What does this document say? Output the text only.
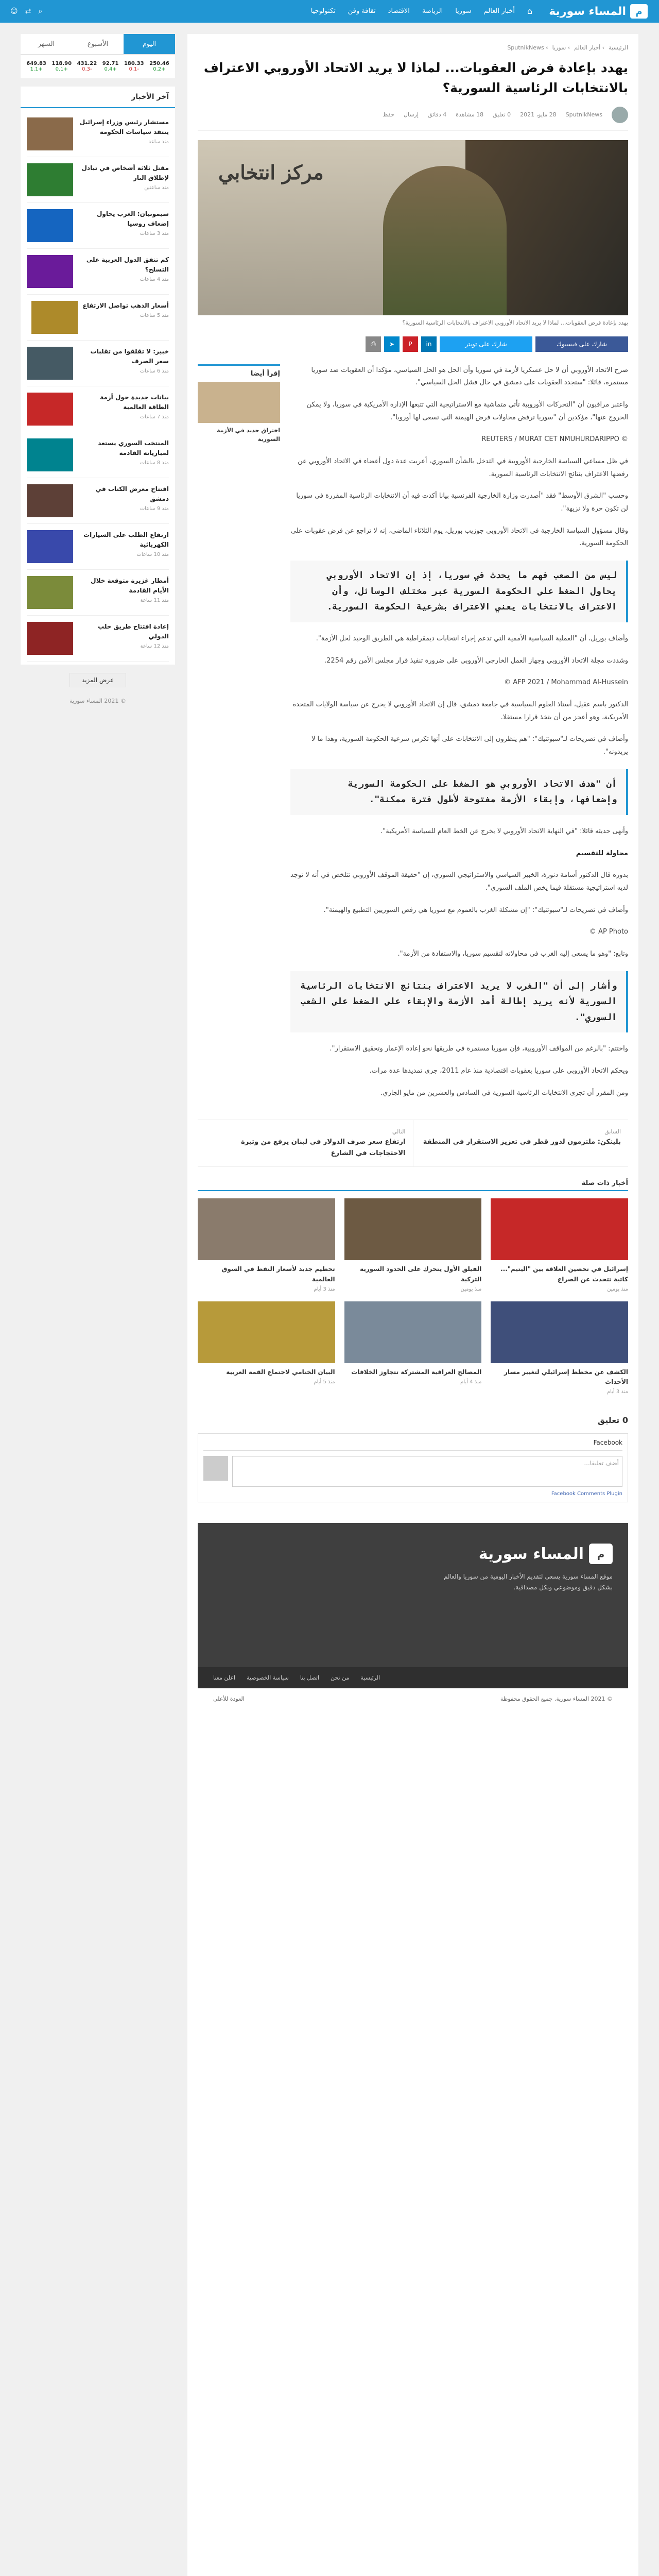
م
المساء سورية
⌂
أخبار العالم
سوريا
الرياضة
الاقتصاد
ثقافة وفن
تكنولوجيا
⌕
⇄
☺
الرئيسية› أخبار العالم› سوريا› SputnikNews
يهدد بإعادة فرض العقوبات... لماذا لا يريد الاتحاد الأوروبي الاعتراف بالانتخابات الرئاسية السورية؟
SputnikNews
28 مايو، 2021
0 تعليق
18 مشاهدة
4 دقائق
إرسال
حفظ
مركز انتخابي
يهدد بإعادة فرض العقوبات... لماذا لا يريد الاتحاد الأوروبي الاعتراف بالانتخابات الرئاسية السورية؟
شارك على فيسبوك
شارك على تويتر
in
P
➤
⎙

صرح الاتحاد الأوروبي أن لا حل عسكريا لأزمة في سوريا وأن الحل هو الحل السياسي، مؤكدا أن العقوبات ضد سوريا مستمرة، قائلا: "ستجدد العقوبات على دمشق في حال فشل الحل السياسي".

واعتبر مراقبون أن "التحركات الأوروبية تأتي متماشية مع الاستراتيجية التي تتبعها الإدارة الأمريكية في سوريا، ولا يمكن الخروج عنها"، مؤكدين أن "سوريا ترفض محاولات فرض الهيمنة التي تسعى لها أوروبا".

© REUTERS / MURAT CET NMUHURDARIPPO

في ظل مساعي السياسة الخارجية الأوروبية في التدخل بالشأن السوري، أعربت عدة دول أعضاء في الاتحاد الأوروبي عن رفضها الاعتراف بنتائج الانتخابات الرئاسية السورية.

وحسب "الشرق الأوسط" فقد "أصدرت وزارة الخارجية الفرنسية بيانا أكدت فيه أن الانتخابات الرئاسية المقررة في سوريا لن تكون حرة ولا نزيهة".

وقال مسؤول السياسة الخارجية في الاتحاد الأوروبي جوزيب بوريل، يوم الثلاثاء الماضي، إنه لا تراجع عن فرض عقوبات على الحكومة السورية.

ليس من الصعب فهم ما يحدث في سوريا، إذ إن الاتحاد الأوروبي يحاول الضغط على الحكومة السورية عبر مختلف الوسائل، وأن الاعتراف بالانتخابات يعني الاعتراف بشرعية الحكومة السورية.

وأضاف بوريل، أن "العملية السياسية الأممية التي تدعم إجراء انتخابات ديمقراطية هي الطريق الوحيد لحل الأزمة".

وشددت مجلة الاتحاد الأوروبي وجهاز العمل الخارجي الأوروبي على ضرورة تنفيذ قرار مجلس الأمن رقم 2254.

AFP 2021 / Mohammad Al-Hussein ©

الدكتور باسم عقيل، أستاذ العلوم السياسية في جامعة دمشق، قال إن الاتحاد الأوروبي لا يخرج عن سياسة الولايات المتحدة الأمريكية، وهو أعجز من أن يتخذ قرارا مستقلا.

وأضاف في تصريحات لـ"سبوتنيك": "هم ينظرون إلى الانتخابات على أنها تكرس شرعية الحكومة السورية، وهذا ما لا يريدونه".

أن "هدف الاتحاد الأوروبي هو الضغط على الحكومة السورية وإضعافها، وإبقاء الأزمة مفتوحة لأطول فترة ممكنة".

وأنهى حديثه قائلا: "في النهاية الاتحاد الأوروبي لا يخرج عن الخط العام للسياسة الأمريكية".

محاولة للتقسيم

بدوره قال الدكتور أسامة دنورة، الخبير السياسي والاستراتيجي السوري، إن "حقيقة الموقف الأوروبي تتلخص في أنه لا توجد لديه استراتيجية مستقلة فيما يخص الملف السوري".

وأضاف في تصريحات لـ"سبوتنيك": "إن مشكلة الغرب بالعموم مع سوريا هي رفض السوريين التطبيع والهيمنة".

AP Photo ©

وتابع: "وهو ما يسعى إليه الغرب في محاولاته لتقسيم سوريا، والاستفادة من الأزمة".

وأشار إلى أن "الغرب لا يريد الاعتراف بنتائج الانتخابات الرئاسية السورية لأنه يريد إطالة أمد الأزمة والإبقاء على الضغط على الشعب السوري".

واختتم: "بالرغم من المواقف الأوروبية، فإن سوريا مستمرة في طريقها نحو إعادة الإعمار وتحقيق الاستقرار".

ويحكم الاتحاد الأوروبي على سوريا بعقوبات اقتصادية منذ عام 2011، جرى تمديدها عدة مرات.

ومن المقرر أن تجرى الانتخابات الرئاسية السورية في السادس والعشرين من مايو الجاري.

إقرأ أيضا
اختراق جديد في الأزمة السورية
السابق
بلينكن: ملتزمون لدور قطر في تعزيز الاستقرار في المنطقة
التالي
ارتفاع سعر صرف الدولار في لبنان يرفع من وتيرة الاحتجاجات في الشارع
أخبار ذات صلة
إسرائيل في تحصين العلاقة بين "اليتيم"... كاتبة تتحدث عن الصراع
منذ يومين
الفيلق الأول يتحرك على الحدود السورية التركية
منذ يومين
تحطيم جديد لأسعار النفط في السوق العالمية
منذ 3 أيام
الكشف عن مخطط إسرائيلي لتغيير مسار الأحداث
منذ 3 أيام
المصالح العراقية المشتركة تتجاوز الخلافات
منذ 4 أيام
البيان الختامي لاجتماع القمة العربية
منذ 5 أيام
0 تعليق
Facebook
أضف تعليقا...
Facebook Comments Plugin
م
المساء سورية

موقع المساء سورية يسعى لتقديم الأخبار اليومية من سوريا والعالم بشكل دقيق وموضوعي وبكل مصداقية.

الرئيسية
من نحن
اتصل بنا
سياسة الخصوصية
اعلن معنا
© 2021 المساء سورية. جميع الحقوق محفوظة
العودة للأعلى
اليوم
الأسبوع
الشهر
250.46
+0.2
180.33
-0.1
92.71
+0.4
431.22
-0.3
118.90
+0.1
649.83
+1.1
آخر الأخبار
مستشار رئيس وزراء إسرائيل ينتقد سياسات الحكومة
منذ ساعة
مقتل ثلاثة أشخاص في تبادل لإطلاق النار
منذ ساعتين
سيمونيان: الغرب يحاول إضعاف روسيا
منذ 3 ساعات
كم تنفق الدول العربية على التسلح؟
منذ 4 ساعات
أسعار الذهب تواصل الارتفاع
منذ 5 ساعات
خبير: لا تقلقوا من تقلبات سعر الصرف
منذ 6 ساعات
بيانات جديدة حول أزمة الطاقة العالمية
منذ 7 ساعات
المنتخب السوري يستعد لمبارياته القادمة
منذ 8 ساعات
افتتاح معرض الكتاب في دمشق
منذ 9 ساعات
ارتفاع الطلب على السيارات الكهربائية
منذ 10 ساعات
أمطار غزيرة متوقعة خلال الأيام القادمة
منذ 11 ساعة
إعادة افتتاح طريق حلب الدولي
منذ 12 ساعة
عرض المزيد
© 2021 المساء سورية
